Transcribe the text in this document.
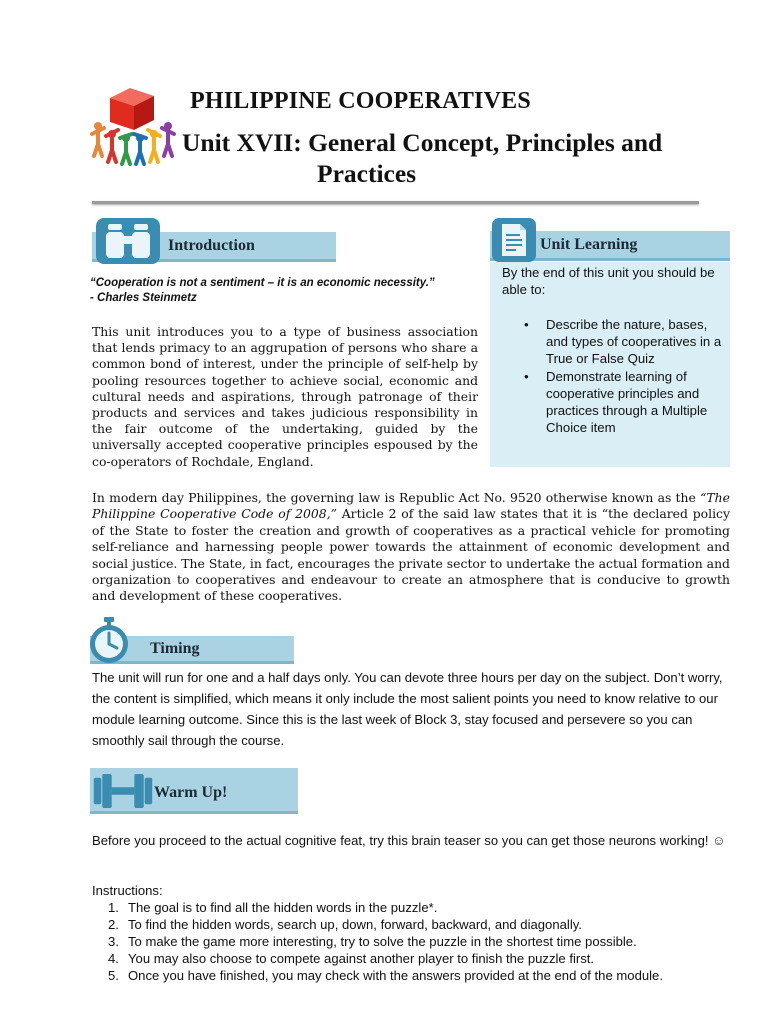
PHILIPPINE COOPERATIVES
Unit XVII: General Concept, Principles and
Practices
Introduction
“Cooperation is not a sentiment – it is an economic necessity.”
- Charles Steinmetz
This unit introduces you to a type of business association that lends primacy to an aggrupation of persons who share a common bond of interest, under the principle of self-help by pooling resources together to achieve social, economic and cultural needs and aspirations, through patronage of their products and services and takes judicious responsibility in the fair outcome of the undertaking, guided by the universally accepted cooperative principles espoused by the co-operators of Rochdale, England.
Unit Learning
By the end of this unit you should be able to:
• Describe the nature, bases, and types of cooperatives in a True or False Quiz
• Demonstrate learning of cooperative principles and practices through a Multiple Choice item
In modern day Philippines, the governing law is Republic Act No. 9520 otherwise known as the “The Philippine Cooperative Code of 2008,” Article 2 of the said law states that it is “the declared policy of the State to foster the creation and growth of cooperatives as a practical vehicle for promoting self-reliance and harnessing people power towards the attainment of economic development and social justice. The State, in fact, encourages the private sector to undertake the actual formation and organization to cooperatives and endeavour to create an atmosphere that is conducive to growth and development of these cooperatives.
Timing
The unit will run for one and a half days only. You can devote three hours per day on the subject. Don’t worry, the content is simplified, which means it only include the most salient points you need to know relative to our module learning outcome. Since this is the last week of Block 3, stay focused and persevere so you can smoothly sail through the course.
Warm Up!
Before you proceed to the actual cognitive feat, try this brain teaser so you can get those neurons working! ☺
Instructions:
1. The goal is to find all the hidden words in the puzzle*.
2. To find the hidden words, search up, down, forward, backward, and diagonally.
3. To make the game more interesting, try to solve the puzzle in the shortest time possible.
4. You may also choose to compete against another player to finish the puzzle first.
5. Once you have finished, you may check with the answers provided at the end of the module.
